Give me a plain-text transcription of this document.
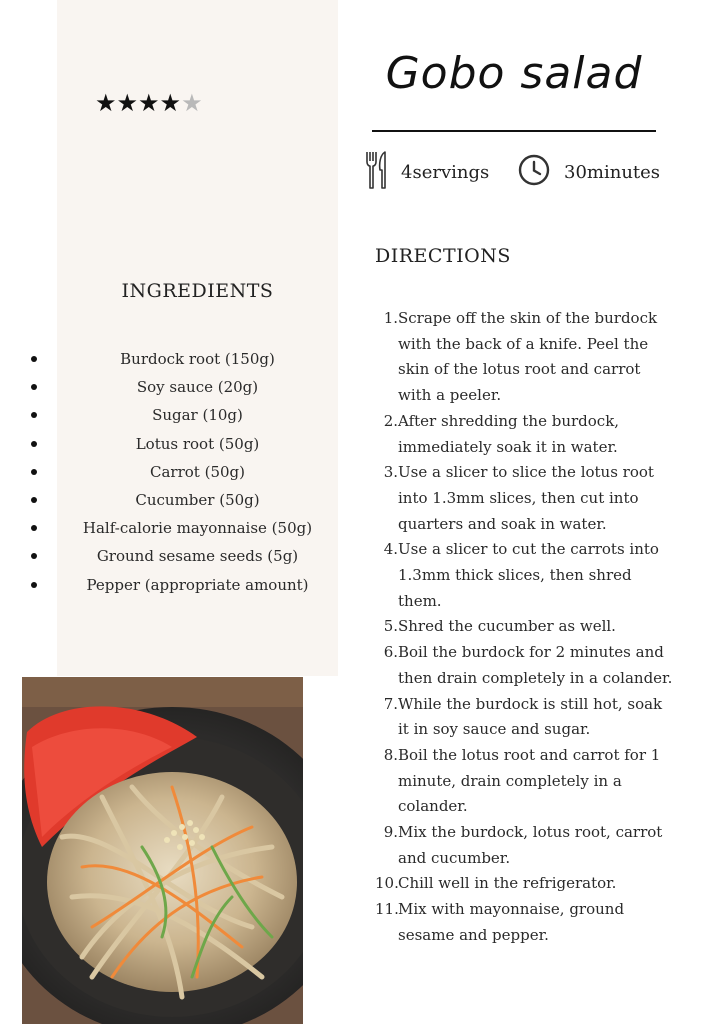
★★★★★
INGREDIENTS
Burdock root (150g)
Soy sauce (20g)
Sugar (10g)
Lotus root (50g)
Carrot (50g)
Cucumber (50g)
Half-calorie mayonnaise (50g)
Ground sesame seeds (5g)
Pepper (appropriate amount)
Gobo salad
4servings	30minutes
DIRECTIONS
1. Scrape off the skin of the burdock with the back of a knife. Peel the skin of the lotus root and carrot with a peeler.
2. After shredding the burdock, immediately soak it in water.
3. Use a slicer to slice the lotus root into 1.3mm slices, then cut into quarters and soak in water.
4. Use a slicer to cut the carrots into 1.3mm thick slices, then shred them.
5. Shred the cucumber as well.
6. Boil the burdock for 2 minutes and then drain completely in a colander.
7. While the burdock is still hot, soak it in soy sauce and sugar.
8. Boil the lotus root and carrot for 1 minute, drain completely in a colander.
9. Mix the burdock, lotus root, carrot and cucumber.
10. Chill well in the refrigerator.
11. Mix with mayonnaise, ground sesame and pepper.
